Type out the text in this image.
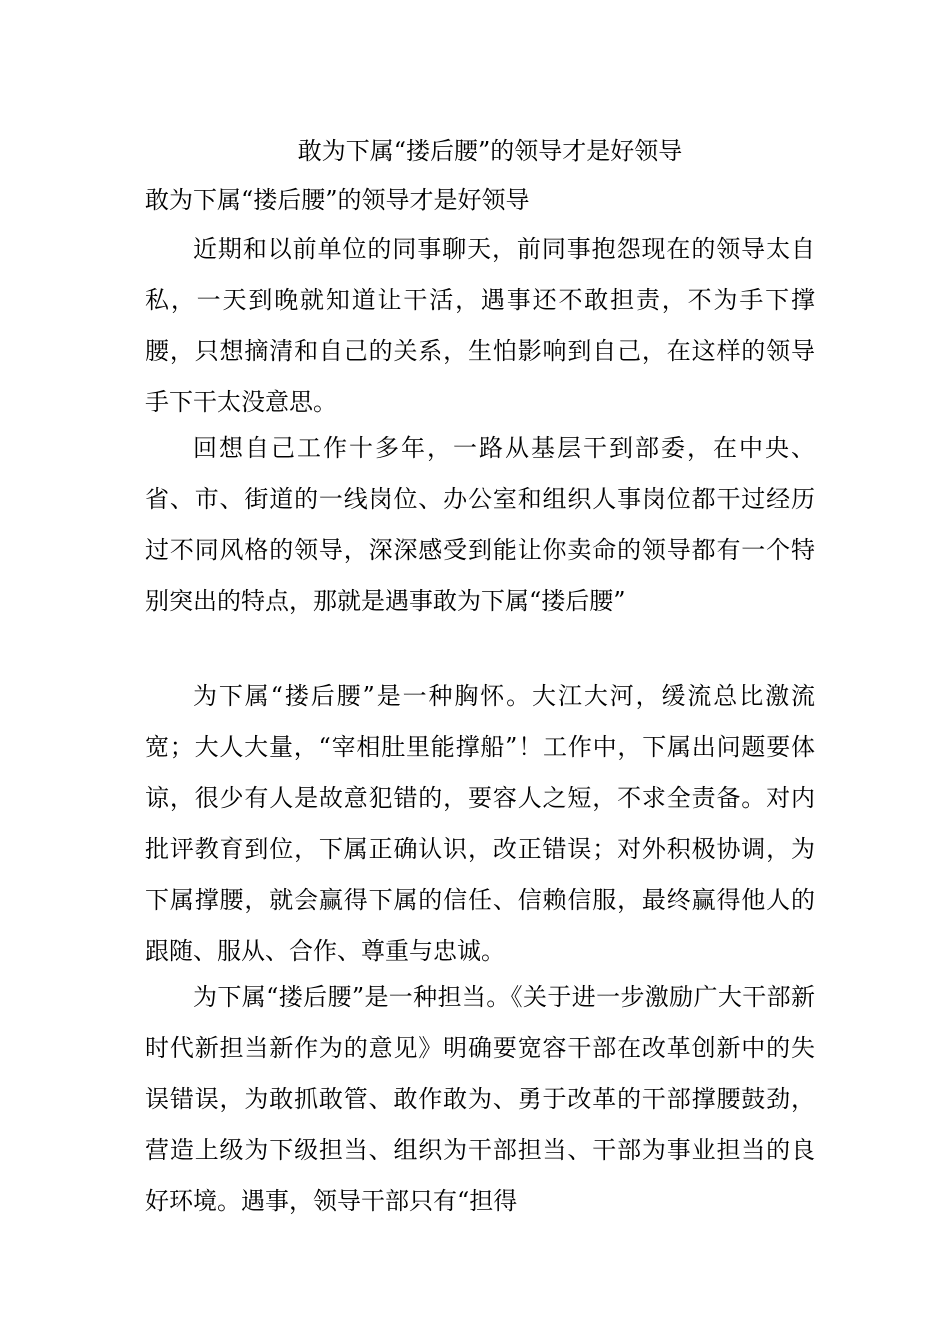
敢为下属“搂后腰”的领导才是好领导
敢为下属“搂后腰”的领导才是好领导

近期和以前单位的同事聊天，前同事抱怨现在的领导太自私，一天到晚就知道让干活，遇事还不敢担责，不为手下撑腰，只想摘清和自己的关系，生怕影响到自己，在这样的领导手下干太没意思。

回想自己工作十多年，一路从基层干到部委，在中央、省、市、街道的一线岗位、办公室和组织人事岗位都干过经历过不同风格的领导，深深感受到能让你卖命的领导都有一个特别突出的特点，那就是遇事敢为下属“搂后腰”

为下属“搂后腰”是一种胸怀。大江大河，缓流总比激流宽；大人大量，“宰相肚里能撑船”！工作中，下属出问题要体谅，很少有人是故意犯错的，要容人之短，不求全责备。对内批评教育到位，下属正确认识，改正错误；对外积极协调，为下属撑腰，就会赢得下属的信任、信赖信服，最终赢得他人的跟随、服从、合作、尊重与忠诚。

为下属“搂后腰”是一种担当。《关于进一步激励广大干部新时代新担当新作为的意见》明确要宽容干部在改革创新中的失误错误，为敢抓敢管、敢作敢为、勇于改革的干部撑腰鼓劲，营造上级为下级担当、组织为干部担当、干部为事业担当的良好环境。遇事，领导干部只有“担得
